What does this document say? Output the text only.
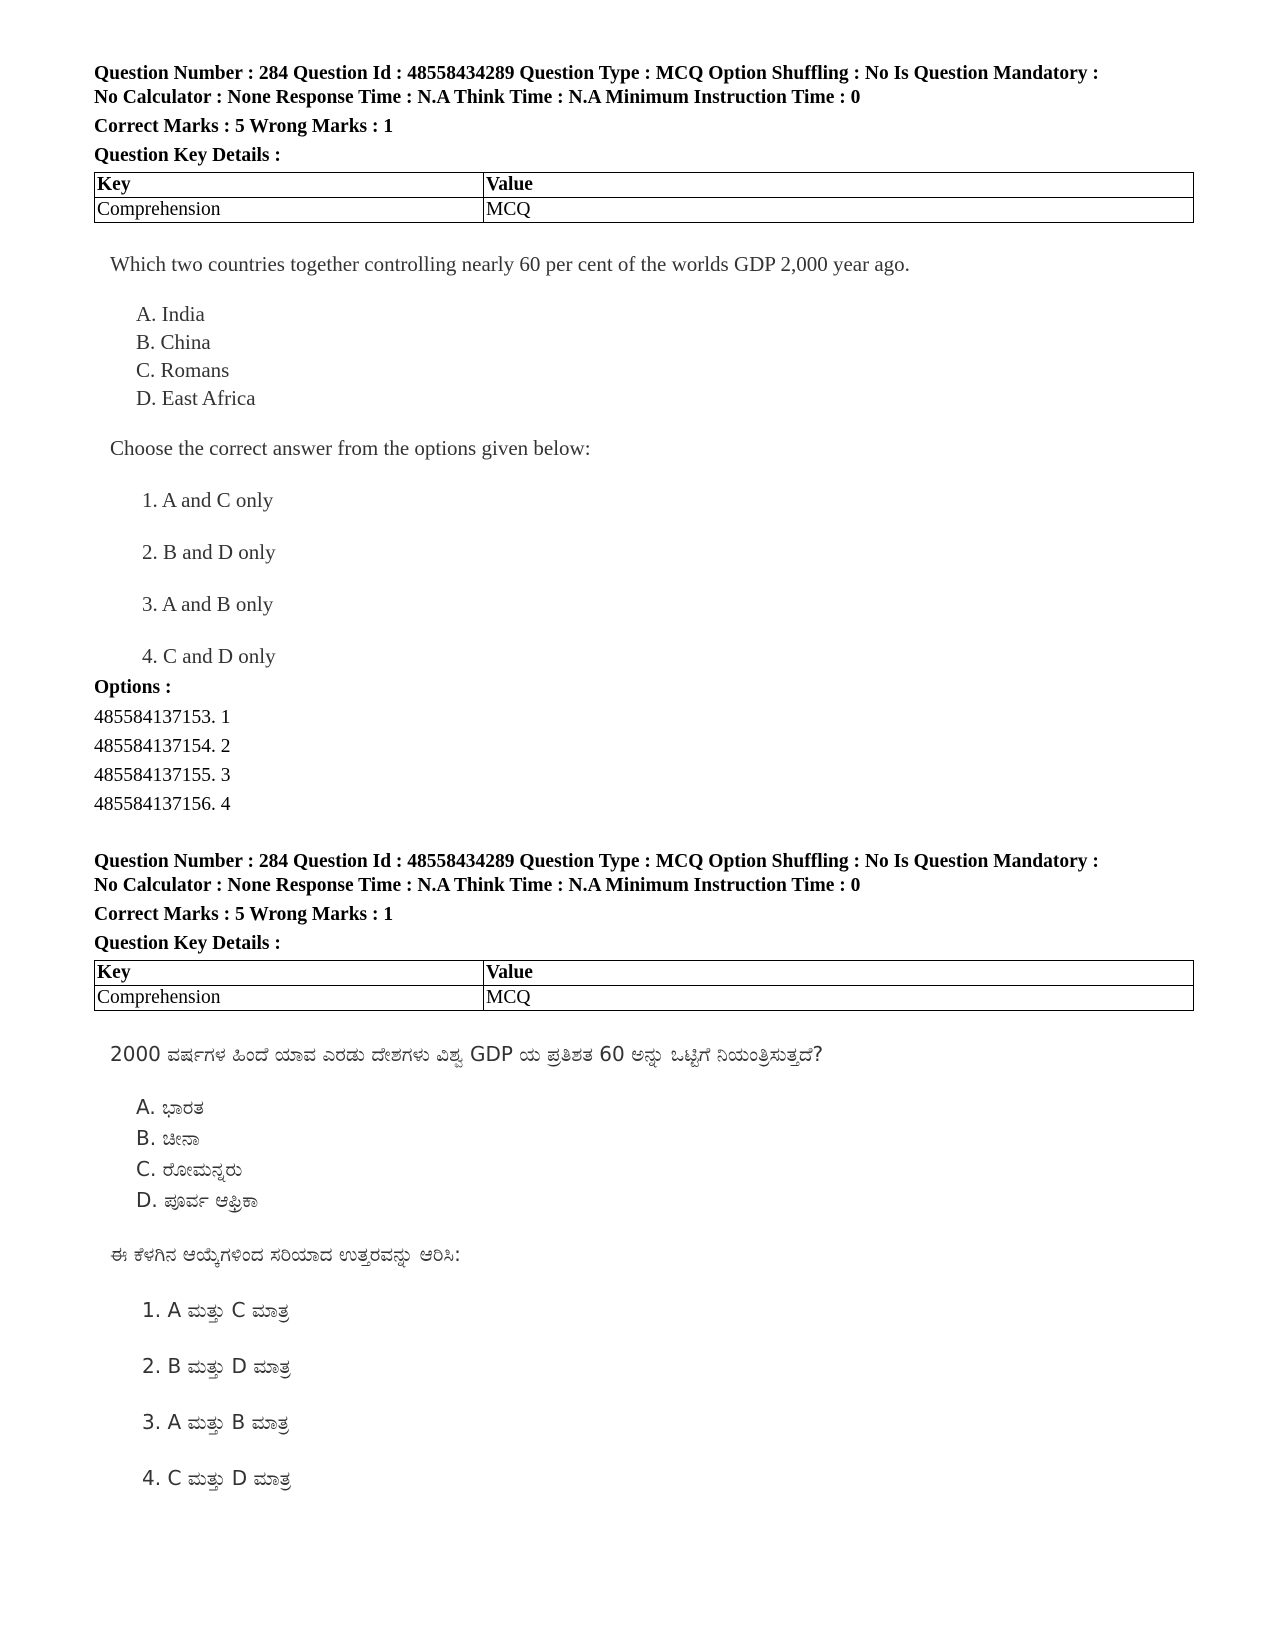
Question Number : 284 Question Id : 48558434289 Question Type : MCQ Option Shuffling : No Is Question Mandatory :

No Calculator : None Response Time : N.A Think Time : N.A Minimum Instruction Time : 0

Correct Marks : 5 Wrong Marks : 1
Question Key Details :
Key	Value
Comprehension	MCQ

Which two countries together controlling nearly 60 per cent of the worlds GDP 2,000 year ago.

A. India
B. China
C. Romans
D. East Africa

Choose the correct answer from the options given below:

1. A and C only
2. B and D only
3. A and B only
4. C and D only
Options :
485584137153. 1
485584137154. 2
485584137155. 3
485584137156. 4

Question Number : 284 Question Id : 48558434289 Question Type : MCQ Option Shuffling : No Is Question Mandatory :

No Calculator : None Response Time : N.A Think Time : N.A Minimum Instruction Time : 0

Correct Marks : 5 Wrong Marks : 1
Question Key Details :
Key	Value
Comprehension	MCQ

2000 ವರ್ಷಗಳ ಹಿಂದೆ ಯಾವ ಎರಡು ದೇಶಗಳು ವಿಶ್ವ GDP ಯ ಪ್ರತಿಶತ 60 ಅನ್ನು ಒಟ್ಟಿಗೆ ನಿಯಂತ್ರಿಸುತ್ತದೆ?

A. ಭಾರತ
B. ಚೀನಾ
C. ರೋಮನ್ನರು
D. ಪೂರ್ವ ಆಫ್ರಿಕಾ

ಈ ಕೆಳಗಿನ ಆಯ್ಕೆಗಳಿಂದ ಸರಿಯಾದ ಉತ್ತರವನ್ನು ಆರಿಸಿ:

1. A ಮತ್ತು C ಮಾತ್ರ
2. B ಮತ್ತು D ಮಾತ್ರ
3. A ಮತ್ತು B ಮಾತ್ರ
4. C ಮತ್ತು D ಮಾತ್ರ
